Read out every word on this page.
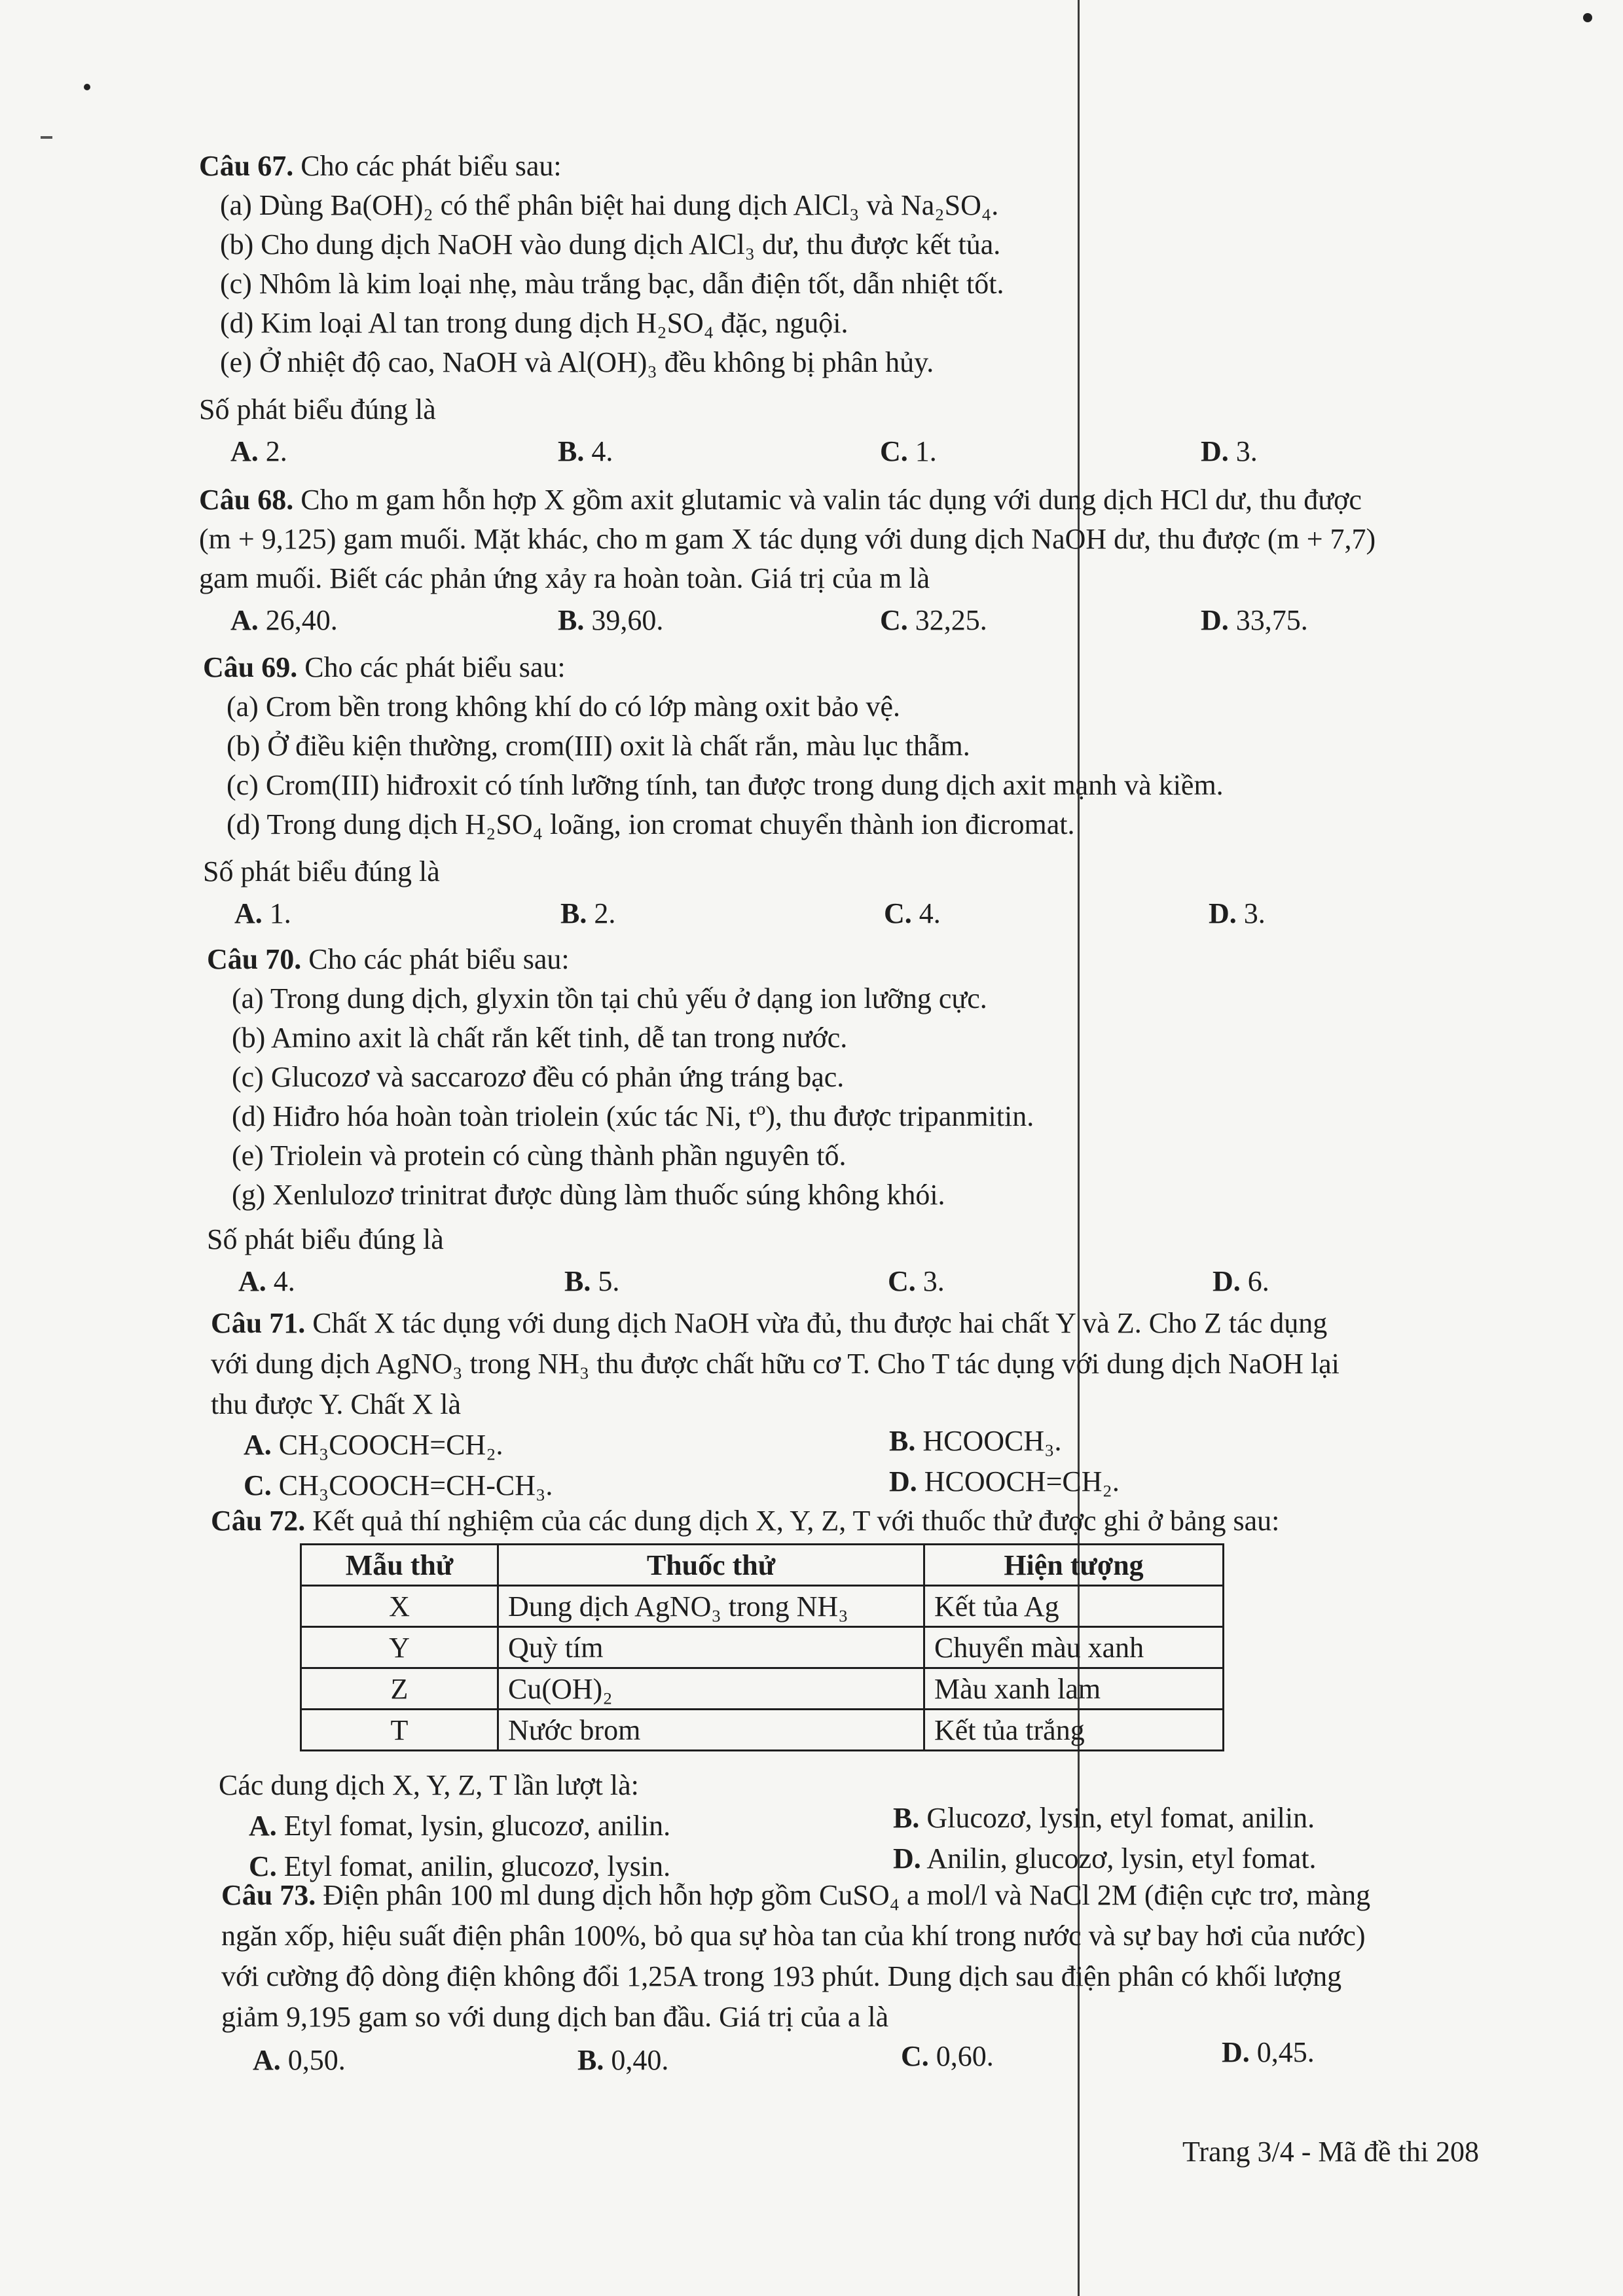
Câu 67. Cho các phát biểu sau:
(a) Dùng Ba(OH)₂ có thể phân biệt hai dung dịch AlCl₃ và Na₂SO₄.
(b) Cho dung dịch NaOH vào dung dịch AlCl₃ dư, thu được kết tủa.
(c) Nhôm là kim loại nhẹ, màu trắng bạc, dẫn điện tốt, dẫn nhiệt tốt.
(d) Kim loại Al tan trong dung dịch H₂SO₄ đặc, nguội.
(e) Ở nhiệt độ cao, NaOH và Al(OH)₃ đều không bị phân hủy.
Số phát biểu đúng là
A. 2.	B. 4.	C. 1.	D. 3.
Câu 68. Cho m gam hỗn hợp X gồm axit glutamic và valin tác dụng với dung dịch HCl dư, thu được
(m + 9,125) gam muối. Mặt khác, cho m gam X tác dụng với dung dịch NaOH dư, thu được (m + 7,7)
gam muối. Biết các phản ứng xảy ra hoàn toàn. Giá trị của m là
A. 26,40.	B. 39,60.	C. 32,25.	D. 33,75.
Câu 69. Cho các phát biểu sau:
(a) Crom bền trong không khí do có lớp màng oxit bảo vệ.
(b) Ở điều kiện thường, crom(III) oxit là chất rắn, màu lục thẫm.
(c) Crom(III) hiđroxit có tính lưỡng tính, tan được trong dung dịch axit mạnh và kiềm.
(d) Trong dung dịch H₂SO₄ loãng, ion cromat chuyển thành ion đicromat.
Số phát biểu đúng là
A. 1.	B. 2.	C. 4.	D. 3.
Câu 70. Cho các phát biểu sau:
(a) Trong dung dịch, glyxin tồn tại chủ yếu ở dạng ion lưỡng cực.
(b) Amino axit là chất rắn kết tinh, dễ tan trong nước.
(c) Glucozơ và saccarozơ đều có phản ứng tráng bạc.
(d) Hiđro hóa hoàn toàn triolein (xúc tác Ni, tº), thu được tripanmitin.
(e) Triolein và protein có cùng thành phần nguyên tố.
(g) Xenlulozơ trinitrat được dùng làm thuốc súng không khói.
Số phát biểu đúng là
A. 4.	B. 5.	C. 3.	D. 6.
Câu 71. Chất X tác dụng với dung dịch NaOH vừa đủ, thu được hai chất Y và Z. Cho Z tác dụng
với dung dịch AgNO₃ trong NH₃ thu được chất hữu cơ T. Cho T tác dụng với dung dịch NaOH lại
thu được Y. Chất X là
A. CH₃COOCH=CH₂.	B. HCOOCH₃.
C. CH₃COOCH=CH-CH₃.	D. HCOOCH=CH₂.
Câu 72. Kết quả thí nghiệm của các dung dịch X, Y, Z, T với thuốc thử được ghi ở bảng sau:
Mẫu thử	Thuốc thử	Hiện tượng
X	Dung dịch AgNO₃ trong NH₃	Kết tủa Ag
Y	Quỳ tím	Chuyển màu xanh
Z	Cu(OH)₂	Màu xanh lam
T	Nước brom	Kết tủa trắng
Các dung dịch X, Y, Z, T lần lượt là:
A. Etyl fomat, lysin, glucozơ, anilin.	B. Glucozơ, lysin, etyl fomat, anilin.
C. Etyl fomat, anilin, glucozơ, lysin.	D. Anilin, glucozơ, lysin, etyl fomat.
Câu 73. Điện phân 100 ml dung dịch hỗn hợp gồm CuSO₄ a mol/l và NaCl 2M (điện cực trơ, màng
ngăn xốp, hiệu suất điện phân 100%, bỏ qua sự hòa tan của khí trong nước và sự bay hơi của nước)
với cường độ dòng điện không đổi 1,25A trong 193 phút. Dung dịch sau điện phân có khối lượng
giảm 9,195 gam so với dung dịch ban đầu. Giá trị của a là
A. 0,50.	B. 0,40.	C. 0,60.	D. 0,45.
Trang 3/4 - Mã đề thi 208
